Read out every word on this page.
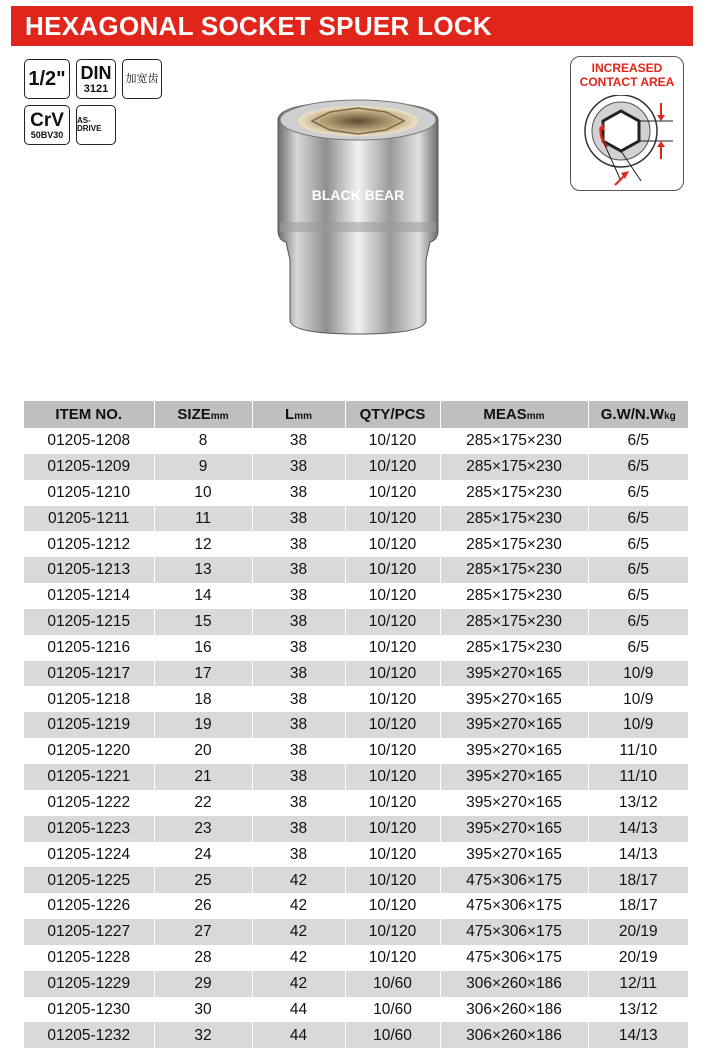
HEXAGONAL SOCKET SPUER LOCK
1/2" DIN
3121
加宽齿
CrV
50BV30
AS-DRIVE
BLACK BEAR
INCREASED
CONTACT AREA
ITEM NO.	SIZEmm	Lmm	QTY/PCS	MEASmm	G.W/N.Wkg
01205-1208	8	38	10/120	285×175×230	6/5
01205-1209	9	38	10/120	285×175×230	6/5
01205-1210	10	38	10/120	285×175×230	6/5
01205-1211	11	38	10/120	285×175×230	6/5
01205-1212	12	38	10/120	285×175×230	6/5
01205-1213	13	38	10/120	285×175×230	6/5
01205-1214	14	38	10/120	285×175×230	6/5
01205-1215	15	38	10/120	285×175×230	6/5
01205-1216	16	38	10/120	285×175×230	6/5
01205-1217	17	38	10/120	395×270×165	10/9
01205-1218	18	38	10/120	395×270×165	10/9
01205-1219	19	38	10/120	395×270×165	10/9
01205-1220	20	38	10/120	395×270×165	11/10
01205-1221	21	38	10/120	395×270×165	11/10
01205-1222	22	38	10/120	395×270×165	13/12
01205-1223	23	38	10/120	395×270×165	14/13
01205-1224	24	38	10/120	395×270×165	14/13
01205-1225	25	42	10/120	475×306×175	18/17
01205-1226	26	42	10/120	475×306×175	18/17
01205-1227	27	42	10/120	475×306×175	20/19
01205-1228	28	42	10/120	475×306×175	20/19
01205-1229	29	42	10/60	306×260×186	12/11
01205-1230	30	44	10/60	306×260×186	13/12
01205-1232	32	44	10/60	306×260×186	14/13
